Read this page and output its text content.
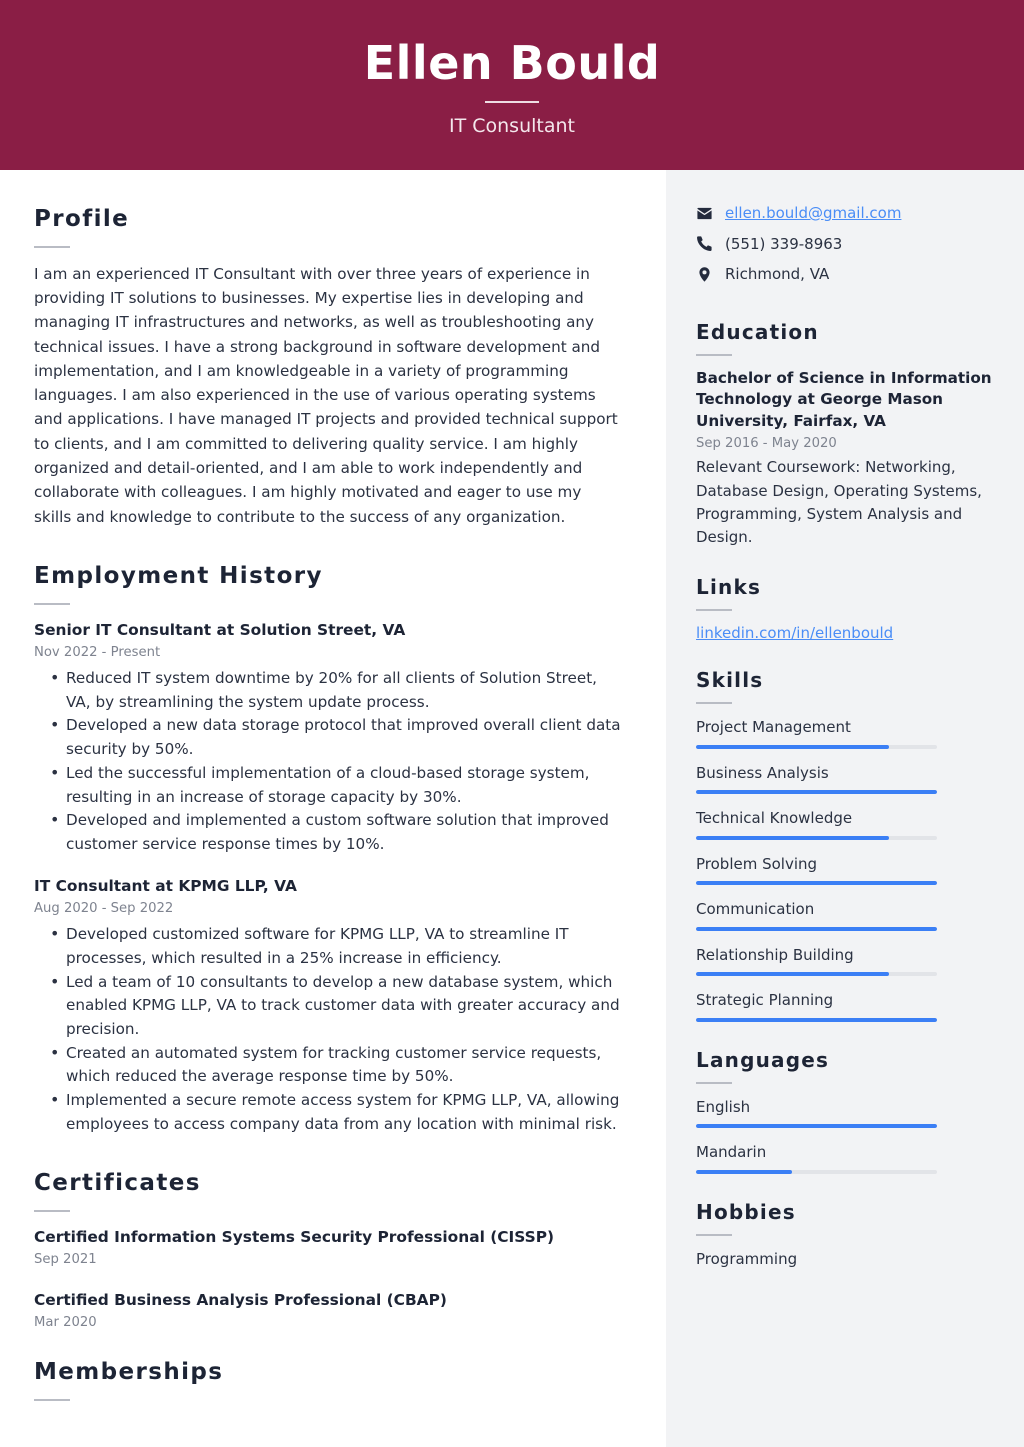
Ellen Bould
IT Consultant
Profile
I am an experienced IT Consultant with over three years of experience in providing IT solutions to businesses. My expertise lies in developing and managing IT infrastructures and networks, as well as troubleshooting any technical issues. I have a strong background in software development and implementation, and I am knowledgeable in a variety of programming languages. I am also experienced in the use of various operating systems and applications. I have managed IT projects and provided technical support to clients, and I am committed to delivering quality service. I am highly organized and detail-oriented, and I am able to work independently and collaborate with colleagues. I am highly motivated and eager to use my skills and knowledge to contribute to the success of any organization.
Employment History
Senior IT Consultant at Solution Street, VA
Nov 2022 - Present
• Reduced IT system downtime by 20% for all clients of Solution Street, VA, by streamlining the system update process.
• Developed a new data storage protocol that improved overall client data security by 50%.
• Led the successful implementation of a cloud-based storage system, resulting in an increase of storage capacity by 30%.
• Developed and implemented a custom software solution that improved customer service response times by 10%.
IT Consultant at KPMG LLP, VA
Aug 2020 - Sep 2022
• Developed customized software for KPMG LLP, VA to streamline IT processes, which resulted in a 25% increase in efficiency.
• Led a team of 10 consultants to develop a new database system, which enabled KPMG LLP, VA to track customer data with greater accuracy and precision.
• Created an automated system for tracking customer service requests, which reduced the average response time by 50%.
• Implemented a secure remote access system for KPMG LLP, VA, allowing employees to access company data from any location with minimal risk.
Certificates
Certified Information Systems Security Professional (CISSP)
Sep 2021
Certified Business Analysis Professional (CBAP)
Mar 2020
Memberships
ellen.bould@gmail.com
(551) 339-8963
Richmond, VA
Education
Bachelor of Science in Information Technology at George Mason University, Fairfax, VA
Sep 2016 - May 2020
Relevant Coursework: Networking, Database Design, Operating Systems, Programming, System Analysis and Design.
Links
linkedin.com/in/ellenbould
Skills
Project Management
Business Analysis
Technical Knowledge
Problem Solving
Communication
Relationship Building
Strategic Planning
Languages
English
Mandarin
Hobbies
Programming
